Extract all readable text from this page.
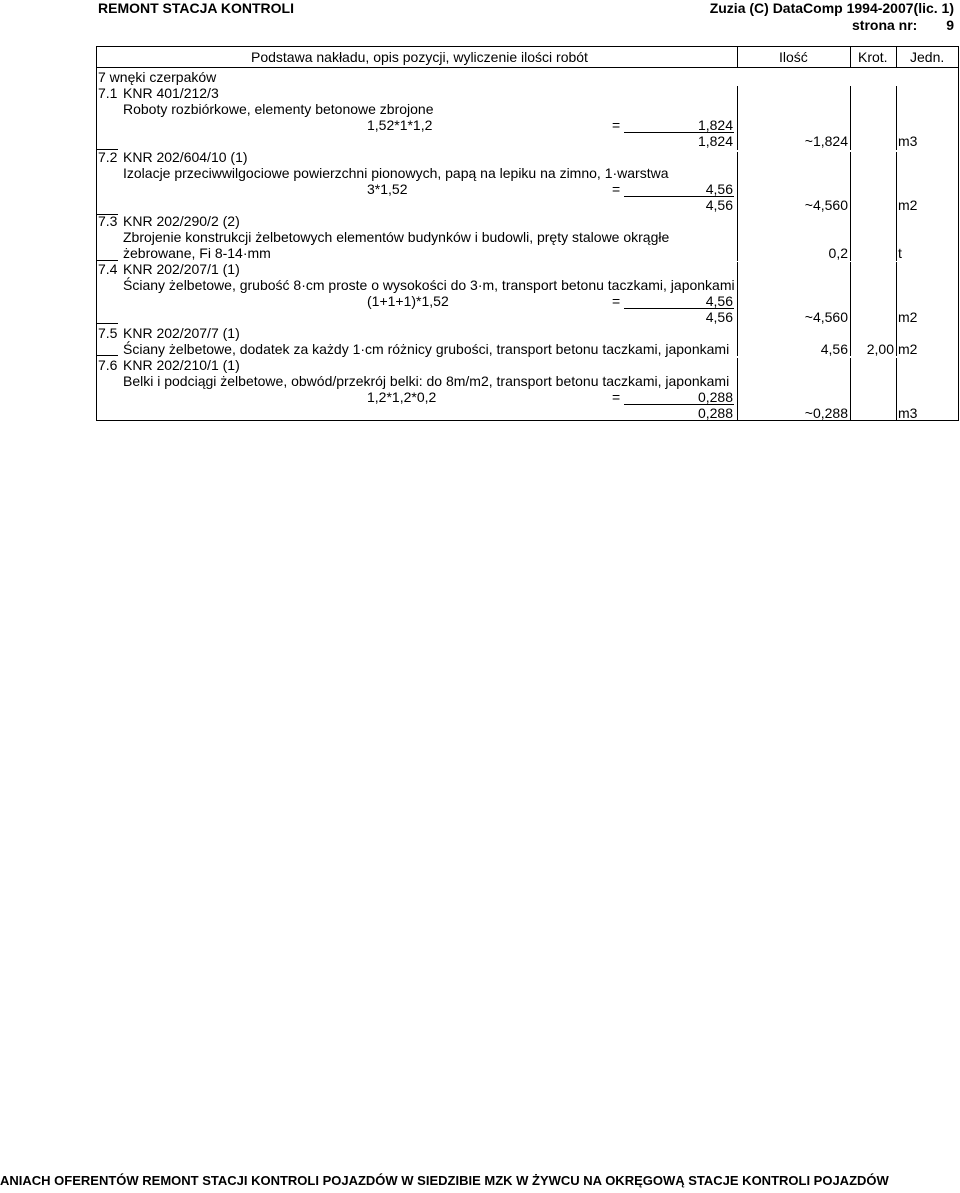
REMONT STACJA KONTROLI	Zuzia (C) DataComp 1994-2007(lic. 1)
strona nr: 9
Podstawa nakładu, opis pozycji, wyliczenie ilości robót	Ilość	Krot. Jedn.
7 wnęki czerpaków
7.1 KNR 401/212/3
Roboty rozbiórkowe, elementy betonowe zbrojone
1,52*1*1,2	=	1,824
1,824	~1,824	m3
7.2 KNR 202/604/10 (1)
Izolacje przeciwwilgociowe powierzchni pionowych, papą na lepiku na zimno, 1·warstwa
3*1,52	=	4,56
4,56	~4,560	m2
7.3 KNR 202/290/2 (2)
Zbrojenie konstrukcji żelbetowych elementów budynków i budowli, pręty stalowe okrągłe
żebrowane, Fi 8-14·mm	0,2	t
7.4 KNR 202/207/1 (1)
Ściany żelbetowe, grubość 8·cm proste o wysokości do 3·m, transport betonu taczkami, japonkami
(1+1+1)*1,52	=	4,56
4,56	~4,560	m2
7.5 KNR 202/207/7 (1)
Ściany żelbetowe, dodatek za każdy 1·cm różnicy grubości, transport betonu taczkami, japonkami	4,56 2,00 m2
7.6 KNR 202/210/1 (1)
Belki i podciągi żelbetowe, obwód/przekrój belki: do 8m/m2, transport betonu taczkami, japonkami
1,2*1,2*0,2	=	0,288
0,288	~0,288	m3
ANIACH OFERENTÓW REMONT STACJI KONTROLI POJAZDÓW W SIEDZIBIE MZK W ŻYWCU NA OKRĘGOWĄ STACJE KONTROLI POJAZDÓW
